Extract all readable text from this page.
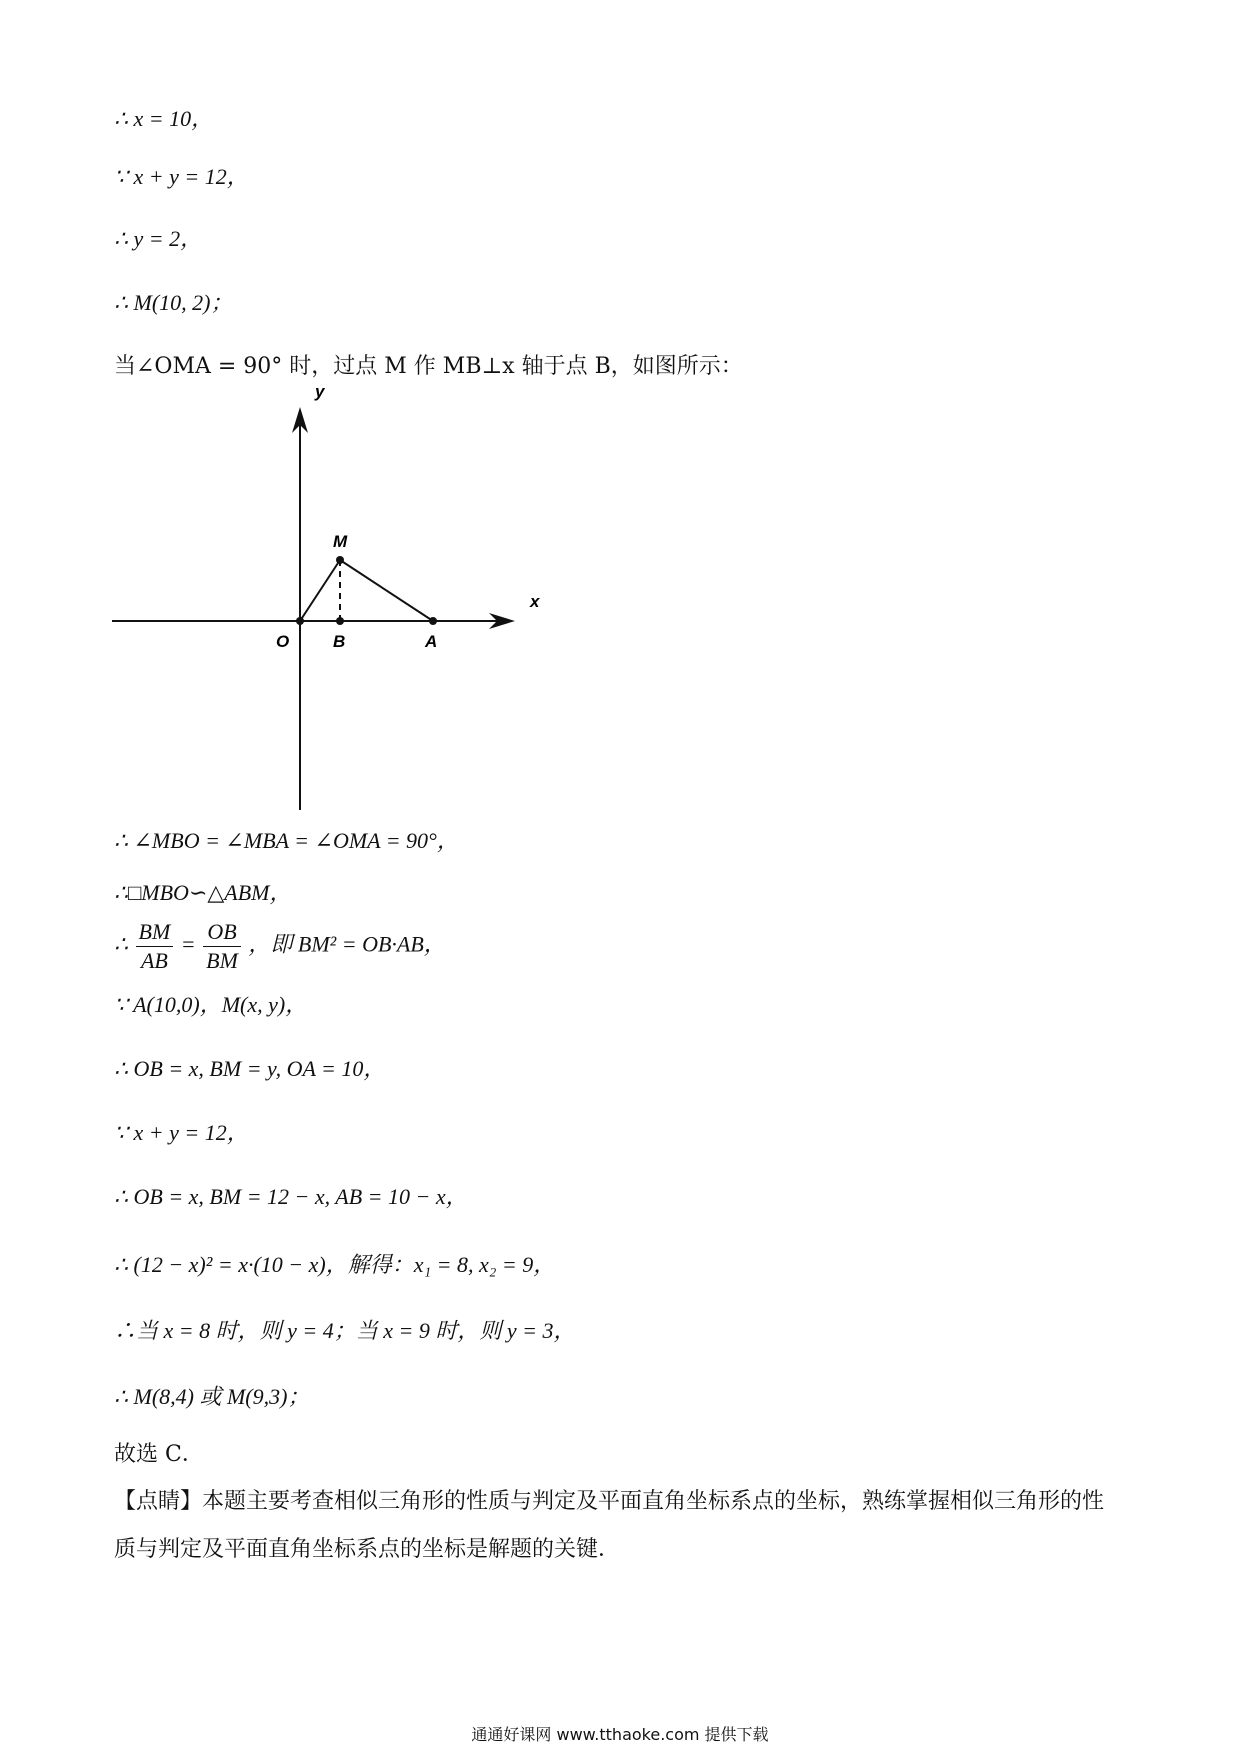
∴ x = 10，
∵ x + y = 12，
∴ y = 2，
∴ M(10, 2)；
当∠OMA = 90° 时，过点 M 作 MB⊥x 轴于点 B，如图所示：
y
x
M
O	B	A
∴ ∠MBO = ∠MBA = ∠OMA = 90°，
∴□MBO∽△ABM，
∴ $\frac{BM}{AB} = \frac{OB}{BM}$ ，即 BM² = OB·AB，
∵ A(10,0)，M(x, y)，
∴ OB = x, BM = y, OA = 10，
∵ x + y = 12，
∴ OB = x, BM = 12 − x, AB = 10 − x，
∴ (12 − x)² = x·(10 − x)，解得：x₁ = 8, x₂ = 9，
∴当 x = 8 时，则 y = 4；当 x = 9 时，则 y = 3，
∴ M(8,4) 或 M(9,3)；
故选 C．
【点睛】本题主要考查相似三角形的性质与判定及平面直角坐标系点的坐标，熟练掌握相似三角形的性质与判定及平面直角坐标系点的坐标是解题的关键．
通通好课网 www.tthaoke.com 提供下载
